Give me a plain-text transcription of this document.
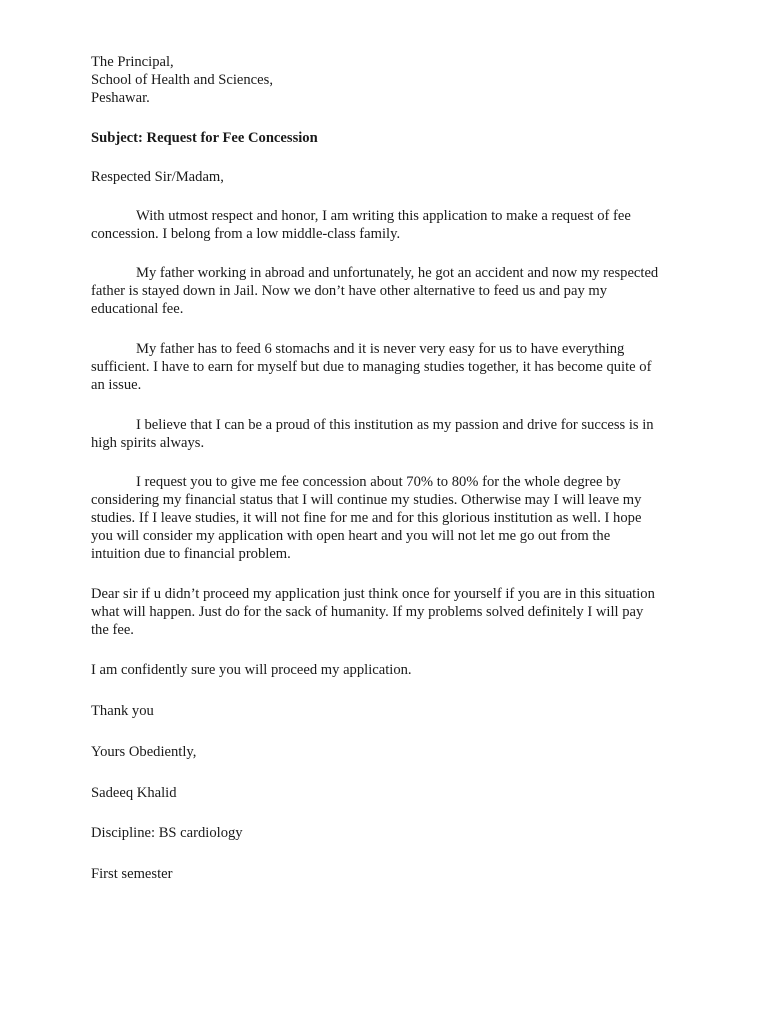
The Principal,
School of Health and Sciences,
Peshawar.
Subject: Request for Fee Concession
Respected Sir/Madam,
With utmost respect and honor, I am writing this application to make a request of fee
concession. I belong from a low middle-class family.
My father working in abroad and unfortunately, he got an accident and now my respected
father is stayed down in Jail. Now we don’t have other alternative to feed us and pay my
educational fee.
My father has to feed 6 stomachs and it is never very easy for us to have everything
sufficient. I have to earn for myself but due to managing studies together, it has become quite of
an issue.
I believe that I can be a proud of this institution as my passion and drive for success is in
high spirits always.
I request you to give me fee concession about 70% to 80% for the whole degree by
considering my financial status that I will continue my studies. Otherwise may I will leave my
studies. If I leave studies, it will not fine for me and for this glorious institution as well. I hope
you will consider my application with open heart and you will not let me go out from the
intuition due to financial problem.
Dear sir if u didn’t proceed my application just think once for yourself if you are in this situation
what will happen. Just do for the sack of humanity. If my problems solved definitely I will pay
the fee.
I am confidently sure you will proceed my application.
Thank you
Yours Obediently,
Sadeeq Khalid
Discipline: BS cardiology
First semester
